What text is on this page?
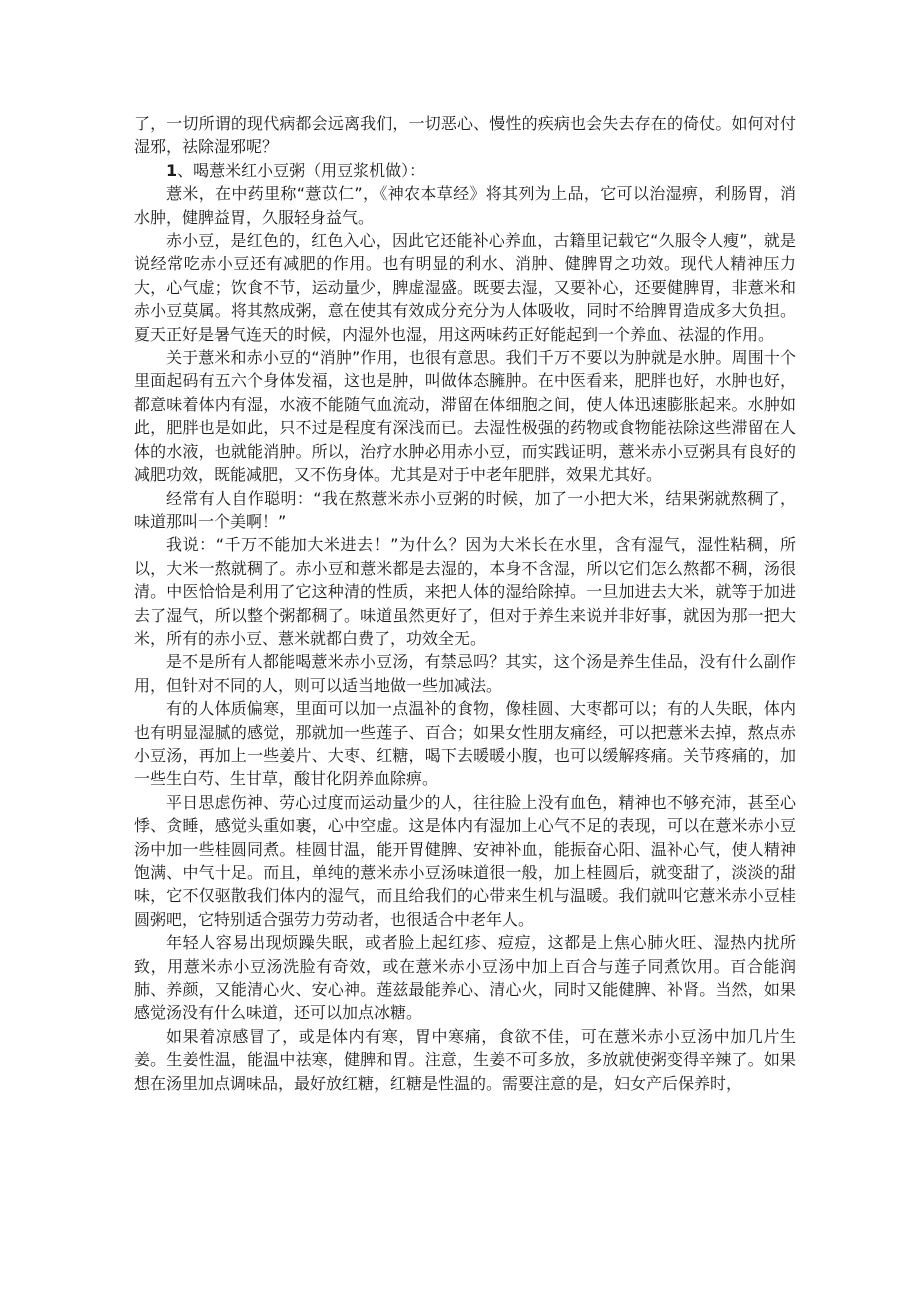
了，一切所谓的现代病都会远离我们，一切恶心、慢性的疾病也会失去存在的倚仗。如何对付湿邪，祛除湿邪呢？

1、喝薏米红小豆粥（用豆浆机做）：

薏米，在中药里称“薏苡仁”，《神农本草经》将其列为上品，它可以治湿痹，利肠胃，消水肿，健脾益胃，久服轻身益气。

赤小豆，是红色的，红色入心，因此它还能补心养血，古籍里记载它“久服令人瘦”，就是说经常吃赤小豆还有减肥的作用。也有明显的利水、消肿、健脾胃之功效。现代人精神压力大，心气虚；饮食不节，运动量少，脾虚湿盛。既要去湿，又要补心，还要健脾胃，非薏米和赤小豆莫属。将其熬成粥，意在使其有效成分充分为人体吸收，同时不给脾胃造成多大负担。夏天正好是暑气连天的时候，内湿外也湿，用这两味药正好能起到一个养血、祛湿的作用。

关于薏米和赤小豆的“消肿”作用，也很有意思。我们千万不要以为肿就是水肿。周围十个里面起码有五六个身体发福，这也是肿，叫做体态臃肿。在中医看来，肥胖也好，水肿也好，都意味着体内有湿，水液不能随气血流动，滞留在体细胞之间，使人体迅速膨胀起来。水肿如此，肥胖也是如此，只不过是程度有深浅而已。去湿性极强的药物或食物能祛除这些滞留在人体的水液，也就能消肿。所以，治疗水肿必用赤小豆，而实践证明，薏米赤小豆粥具有良好的减肥功效，既能减肥，又不伤身体。尤其是对于中老年肥胖，效果尤其好。

经常有人自作聪明：“我在熬薏米赤小豆粥的时候，加了一小把大米，结果粥就熬稠了，味道那叫一个美啊！”

我说：“千万不能加大米进去！”为什么？因为大米长在水里，含有湿气，湿性粘稠，所以，大米一熬就稠了。赤小豆和薏米都是去湿的，本身不含湿，所以它们怎么熬都不稠，汤很清。中医恰恰是利用了它这种清的性质，来把人体的湿给除掉。一旦加进去大米，就等于加进去了湿气，所以整个粥都稠了。味道虽然更好了，但对于养生来说并非好事，就因为那一把大米，所有的赤小豆、薏米就都白费了，功效全无。

是不是所有人都能喝薏米赤小豆汤，有禁忌吗？其实，这个汤是养生佳品，没有什么副作用，但针对不同的人，则可以适当地做一些加减法。

有的人体质偏寒，里面可以加一点温补的食物，像桂圆、大枣都可以；有的人失眠，体内也有明显湿腻的感觉，那就加一些莲子、百合；如果女性朋友痛经，可以把薏米去掉，熬点赤小豆汤，再加上一些姜片、大枣、红糖，喝下去暖暖小腹，也可以缓解疼痛。关节疼痛的，加一些生白芍、生甘草，酸甘化阴养血除痹。

平日思虑伤神、劳心过度而运动量少的人，往往脸上没有血色，精神也不够充沛，甚至心悸、贪睡，感觉头重如裹，心中空虚。这是体内有湿加上心气不足的表现，可以在薏米赤小豆汤中加一些桂圆同煮。桂圆甘温，能开胃健脾、安神补血，能振奋心阳、温补心气，使人精神饱满、中气十足。而且，单纯的薏米赤小豆汤味道很一般，加上桂圆后，就变甜了，淡淡的甜味，它不仅驱散我们体内的湿气，而且给我们的心带来生机与温暖。我们就叫它薏米赤小豆桂圆粥吧，它特别适合强劳力劳动者，也很适合中老年人。

年轻人容易出现烦躁失眠，或者脸上起红疹、痘痘，这都是上焦心肺火旺、湿热内扰所致，用薏米赤小豆汤洗脸有奇效，或在薏米赤小豆汤中加上百合与莲子同煮饮用。百合能润肺、养颜，又能清心火、安心神。莲兹最能养心、清心火，同时又能健脾、补肾。当然，如果感觉汤没有什么味道，还可以加点冰糖。

如果着凉感冒了，或是体内有寒，胃中寒痛，食欲不佳，可在薏米赤小豆汤中加几片生姜。生姜性温，能温中祛寒，健脾和胃。注意，生姜不可多放，多放就使粥变得辛辣了。如果想在汤里加点调味品，最好放红糖，红糖是性温的。需要注意的是，妇女产后保养时，
